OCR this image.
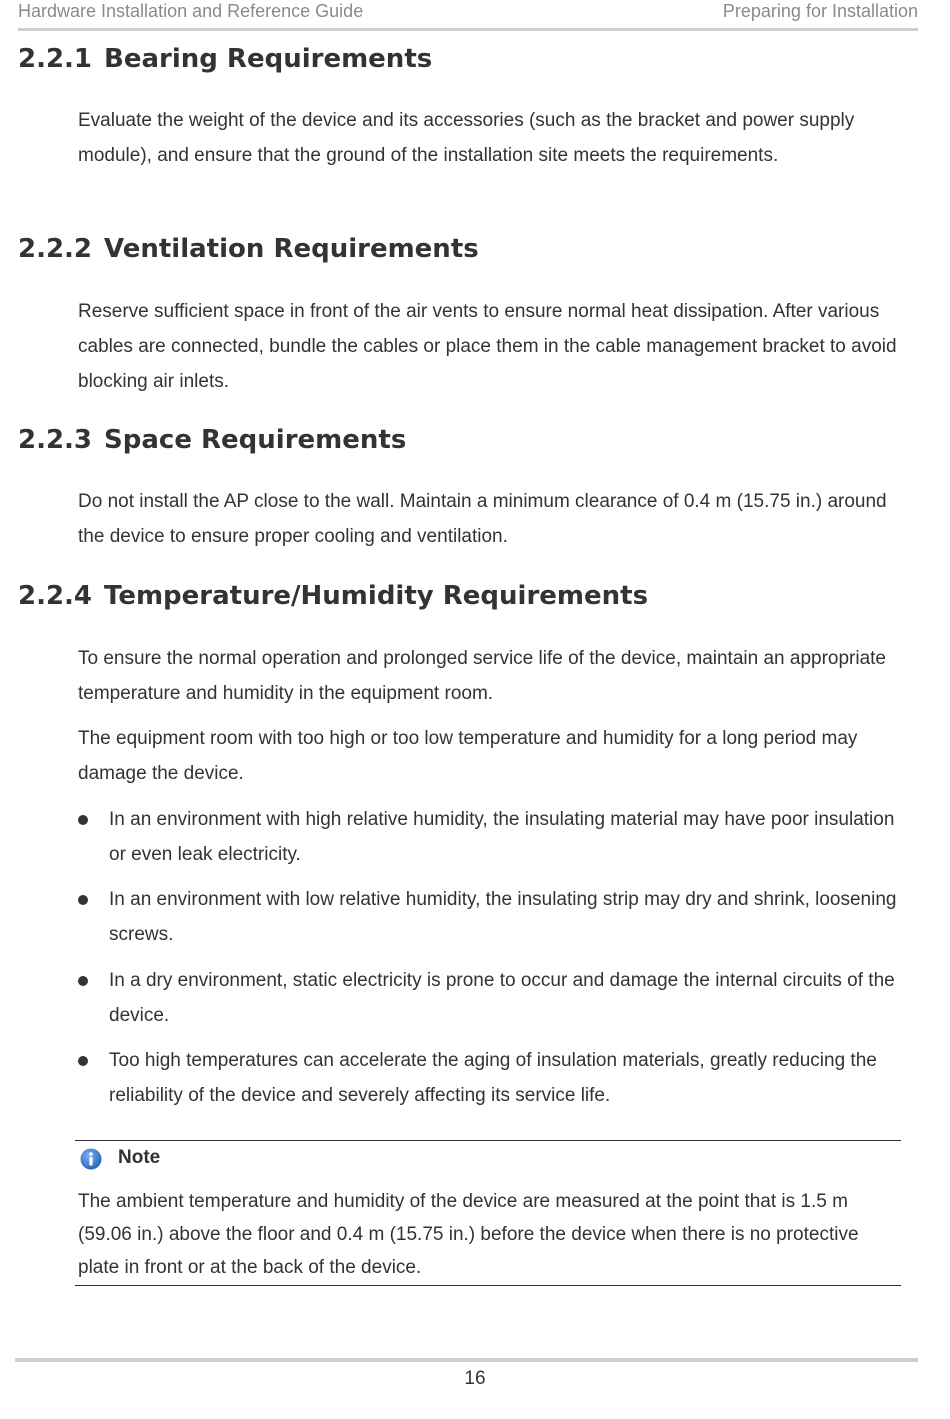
Hardware Installation and Reference Guide	Preparing for Installation
2.2.1 Bearing Requirements
Evaluate the weight of the device and its accessories (such as the bracket and power supply module), and ensure that the ground of the installation site meets the requirements.
2.2.2 Ventilation Requirements
Reserve sufficient space in front of the air vents to ensure normal heat dissipation. After various cables are connected, bundle the cables or place them in the cable management bracket to avoid blocking air inlets.
2.2.3 Space Requirements
Do not install the AP close to the wall. Maintain a minimum clearance of 0.4 m (15.75 in.) around the device to ensure proper cooling and ventilation.
2.2.4 Temperature/Humidity Requirements
To ensure the normal operation and prolonged service life of the device, maintain an appropriate temperature and humidity in the equipment room.
The equipment room with too high or too low temperature and humidity for a long period may damage the device.
In an environment with high relative humidity, the insulating material may have poor insulation or even leak electricity.
In an environment with low relative humidity, the insulating strip may dry and shrink, loosening screws.
In a dry environment, static electricity is prone to occur and damage the internal circuits of the device.
Too high temperatures can accelerate the aging of insulation materials, greatly reducing the reliability of the device and severely affecting its service life.
Note
The ambient temperature and humidity of the device are measured at the point that is 1.5 m (59.06 in.) above the floor and 0.4 m (15.75 in.) before the device when there is no protective plate in front or at the back of the device.
16
